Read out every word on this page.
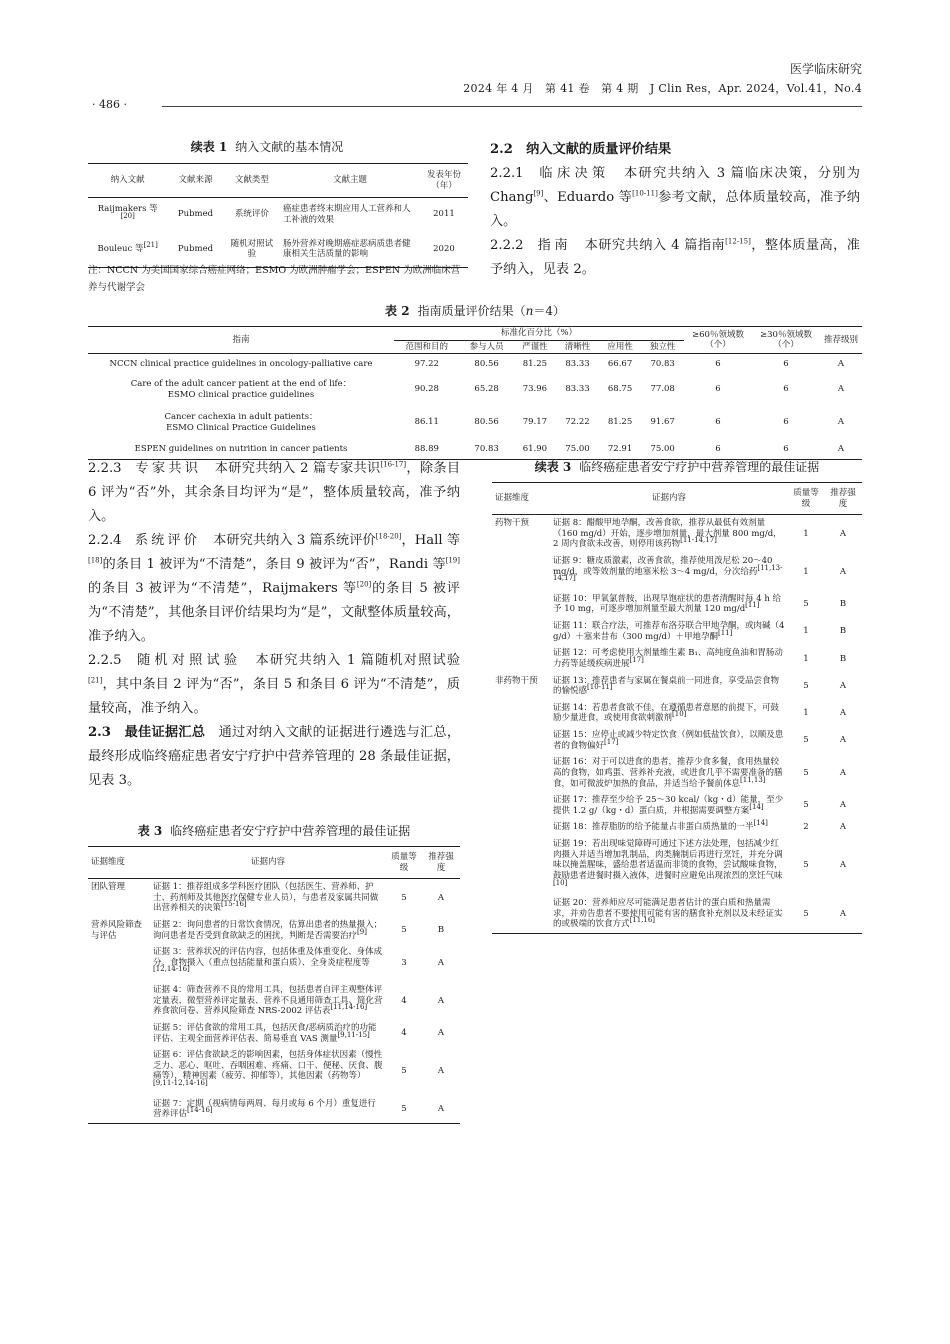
医学临床研究
2024 年 4 月　第 41 卷　第 4 期　J Clin Res，Apr. 2024，Vol.41，No.4
· 486 ·
续表 1 纳入文献的基本情况
纳入文献	文献来源	文献类型	文献主题	发表年份（年）
Raijmakers 等[20]	Pubmed	系统评价	癌症患者终末期应用人工营养和人工补液的效果	2011
Bouleuc 等[21]	Pubmed	随机对照试验	肠外营养对晚期癌症恶病质患者健康相关生活质量的影响	2020
注：NCCN 为美国国家综合癌症网络；ESMO 为欧洲肿瘤学会；ESPEN 为欧洲临床营养与代谢学会
2.2　纳入文献的质量评价结果
2.2.1　临床决策　本研究共纳入 3 篇临床决策，分别为 Chang[9]、Eduardo 等[10-11]参考文献，总体质量较高，准予纳入。
2.2.2　指南　本研究共纳入 4 篇指南[12-15]，整体质量高，准予纳入，见表 2。
表 2 指南质量评价结果（n＝4）
指南	标准化百分比（%）						≥60％领域数（个）	≥30％领域数（个）	推荐级别
	范围和目的	参与人员	严谨性	清晰性	应用性	独立性			
NCCN clinical practice guidelines in oncology-palliative care	97.22	80.56	81.25	83.33	66.67	70.83	6	6	A
Care of the adult cancer patient at the end of life：ESMO clinical practice guidelines	90.28	65.28	73.96	83.33	68.75	77.08	6	6	A
Cancer cachexia in adult patients：ESMO Clinical Practice Guidelines	86.11	80.56	79.17	72.22	81.25	91.67	6	6	A
ESPEN guidelines on nutrition in cancer patients	88.89	70.83	61.90	75.00	72.91	75.00	6	6	A
2.2.3　专家共识　本研究共纳入 2 篇专家共识[16-17]，除条目 6 评为“否”外，其余条目均评为“是”，整体质量较高，准予纳入。
2.2.4　系统评价　本研究共纳入 3 篇系统评价[18-20]，Hall 等[18]的条目 1 被评为“不清楚”，条目 9 被评为“否”，Randi 等[19]的条目 3 被评为“不清楚”，Raijmakers 等[20]的条目 5 被评为“不清楚”，其他条目评价结果均为“是”，文献整体质量较高，准予纳入。
2.2.5　随机对照试验　本研究共纳入 1 篇随机对照试验[21]，其中条目 2 评为“否”，条目 5 和条目 6 评为“不清楚”，质量较高，准予纳入。
2.3　最佳证据汇总　通过对纳入文献的证据进行遴选与汇总，最终形成临终癌症患者安宁疗护中营养管理的 28 条最佳证据，见表 3。
表 3 临终癌症患者安宁疗护中营养管理的最佳证据
证据维度	证据内容	质量等级	推荐强度
团队管理	证据 1：推荐组成多学科医疗团队（包括医生、营养师、护士、药剂师及其他医疗保健专业人员），与患者及家属共同做出营养相关的决策[15-16]	5	A
营养风险筛查与评估	证据 2：询问患者的日常饮食情况，估算出患者的热量摄入；询问患者是否受到食欲缺乏的困扰，判断是否需要治疗[9]	5	B
	证据 3：营养状况的评估内容，包括体重及体重变化、身体成分、食物摄入（重点包括能量和蛋白质）、全身炎症程度等[12,14-16]	3	A
	证据 4：筛查营养不良的常用工具，包括患者自评主观整体评定量表、微型营养评定量表、营养不良通用筛查工具、简化营养食欲问卷、营养风险筛查 NRS-2002 评估表[11,14-16]	4	A
	证据 5：评估食欲的常用工具，包括厌食/恶病质治疗的功能评估、主观全面营养评估表、简易垂直 VAS 测量[9,11-15]	4	A
	证据 6：评估食欲缺乏的影响因素，包括身体症状因素（慢性乏力、恶心、呕吐、吞咽困难、疼痛、口干、便秘、厌食、腹痛等），精神因素（疲劳、抑郁等），其他因素（药物等）[9,11-12,14-16]	5	A
	证据 7：定期（视病情每两周、每月或每 6 个月）重复进行营养评估[14-16]	5	A
续表 3 临终癌症患者安宁疗护中营养管理的最佳证据
证据维度	证据内容	质量等级	推荐强度
药物干预	证据 8：醋酸甲地孕酮，改善食欲，推荐从最低有效剂量（160 mg/d）开始，逐步增加剂量，最大剂量 800 mg/d，2 周内食欲未改善，则停用该药物[11-14,17]	1	A
	证据 9：糖皮质激素，改善食欲，推荐使用泼尼松 20～40 mg/d，或等效剂量的地塞米松 3～4 mg/d，分次给药[11,13-14,17]	1	A
	证据 10：甲氧氯普胺，出现早饱症状的患者清醒时每 4 h 给予 10 mg，可逐步增加剂量至最大剂量 120 mg/d[11]	5	B
	证据 11：联合疗法，可推荐布洛芬联合甲地孕酮，或肉碱（4 g/d）＋塞来昔布（300 mg/d）＋甲地孕酮[11]	1	B
	证据 12：可考虑使用大剂量维生素 B₁、高纯度鱼油和胃肠动力药等延缓疾病进展[17]	1	B
非药物干预	证据 13：推荐患者与家属在餐桌前一同进食，享受品尝食物的愉悦感[10-11]	5	A
	证据 14：若患者食欲不佳，在遵循患者意愿的前提下，可鼓励少量进食，或使用食欲刺激剂[10]	1	A
	证据 15：应停止或减少特定饮食（例如低盐饮食），以顺及患者的食物偏好[17]	5	A
	证据 16：对于可以进食的患者，推荐少食多餐，食用热量较高的食物，如鸡蛋、营养补充液，或进食几乎不需要准备的膳食，如可微波炉加热的食品，并适当给予餐前体息[11,13]	5	A
	证据 17：推荐至少给予 25～30 kcal/（kg・d）能量，至少提供 1.2 g/（kg・d）蛋白质，并根据需要调整方案[14]	5	A
	证据 18：推荐脂肪的给予能量占非蛋白质热量的一半[14]	2	A
	证据 19：若出现味觉障碍可通过下述方法处理，包括减少红肉摄入并适当增加乳制品，肉类腌制后再进行烹饪，并充分调味以掩盖腥味，盛给患者适温而非烫的食物，尝试酸味食物，鼓励患者进餐时摄入液体，进餐时应避免出现浓烈的烹饪气味[10]	5	A
	证据 20：营养师应尽可能满足患者估计的蛋白质和热量需求，并劝告患者不要使用可能有害的膳食补充剂以及未经证实的或极端的饮食方式[11,16]	5	A
